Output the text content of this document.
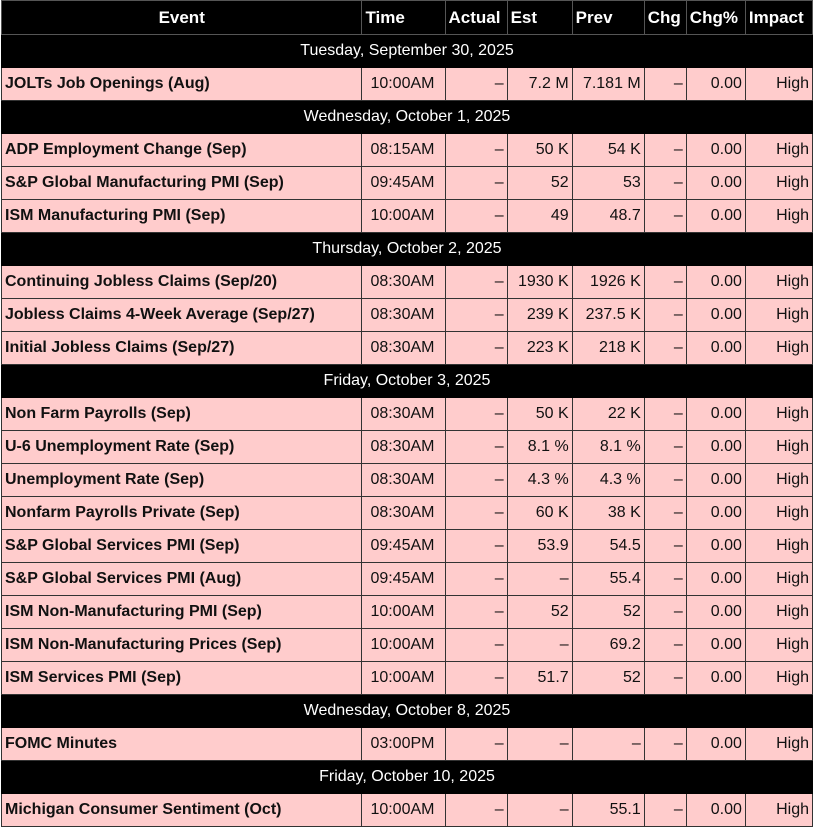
Event	Time	Actual	Est	Prev	Chg	Chg%	Impact
Tuesday, September 30, 2025							
JOLTs Job Openings (Aug)	10:00AM	–	7.2 M	7.181 M	–	0.00	High
Wednesday, October 1, 2025							
ADP Employment Change (Sep)	08:15AM	–	50 K	54 K	–	0.00	High
S&P Global Manufacturing PMI (Sep)	09:45AM	–	52	53	–	0.00	High
ISM Manufacturing PMI (Sep)	10:00AM	–	49	48.7	–	0.00	High
Thursday, October 2, 2025							
Continuing Jobless Claims (Sep/20)	08:30AM	–	1930 K	1926 K	–	0.00	High
Jobless Claims 4-Week Average (Sep/27)	08:30AM	–	239 K	237.5 K	–	0.00	High
Initial Jobless Claims (Sep/27)	08:30AM	–	223 K	218 K	–	0.00	High
Friday, October 3, 2025							
Non Farm Payrolls (Sep)	08:30AM	–	50 K	22 K	–	0.00	High
U-6 Unemployment Rate (Sep)	08:30AM	–	8.1 %	8.1 %	–	0.00	High
Unemployment Rate (Sep)	08:30AM	–	4.3 %	4.3 %	–	0.00	High
Nonfarm Payrolls Private (Sep)	08:30AM	–	60 K	38 K	–	0.00	High
S&P Global Services PMI (Sep)	09:45AM	–	53.9	54.5	–	0.00	High
S&P Global Services PMI (Aug)	09:45AM	–	–	55.4	–	0.00	High
ISM Non-Manufacturing PMI (Sep)	10:00AM	–	52	52	–	0.00	High
ISM Non-Manufacturing Prices (Sep)	10:00AM	–	–	69.2	–	0.00	High
ISM Services PMI (Sep)	10:00AM	–	51.7	52	–	0.00	High
Wednesday, October 8, 2025							
FOMC Minutes	03:00PM	–	–	–	–	0.00	High
Friday, October 10, 2025							
Michigan Consumer Sentiment (Oct)	10:00AM	–	–	55.1	–	0.00	High
